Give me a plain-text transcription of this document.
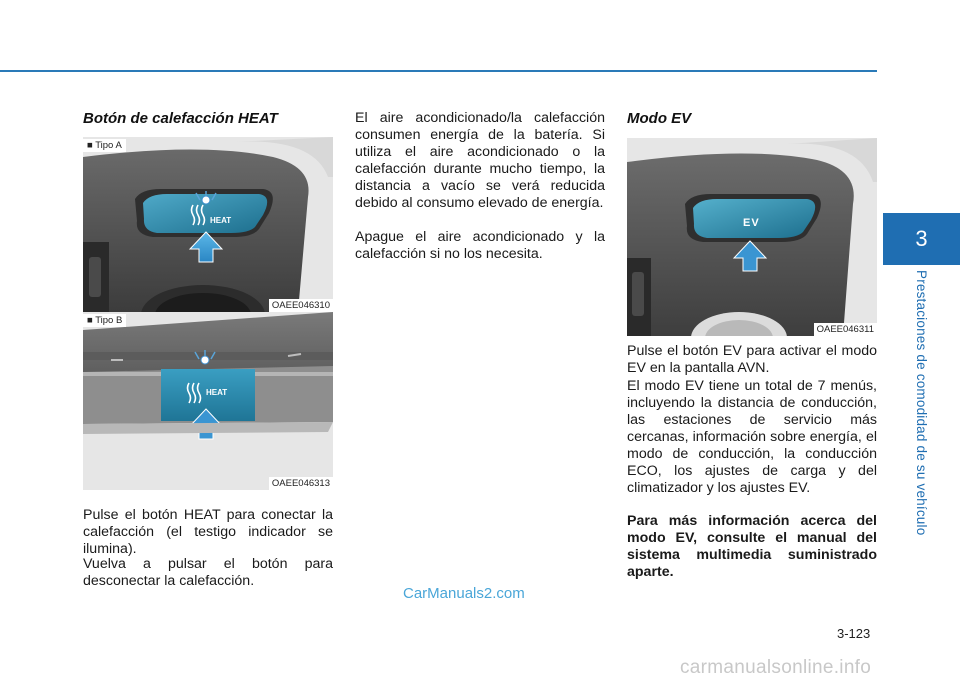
3
Prestaciones de comodidad de su vehículo
Botón de calefacción HEAT
HEAT
■ Tipo A
OAEE046310
HEAT
■ Tipo B
OAEE046313
Pulse el botón HEAT para conectar la calefacción (el testigo indicador se ilumina).
Vuelva a pulsar el botón para desconectar la calefacción.
El aire acondicionado/la calefacción consumen energía de la batería. Si utiliza el aire acondicionado o la calefacción durante mucho tiempo, la distancia a vacío se verá reducida debido al consumo elevado de energía.
Apague el aire acondicionado y la calefacción si no los necesita.
Modo EV
EV
OAEE046311
Pulse el botón EV para activar el modo EV en la pantalla AVN.
El modo EV tiene un total de 7 menús, incluyendo la distancia de conducción, las estaciones de servicio más cercanas, información sobre energía, el modo de conducción, la conducción ECO, los ajustes de carga y del climatizador y los ajustes EV.
Para más información acerca del modo EV, consulte el manual del sistema multimedia suministrado aparte.
CarManuals2.com
3-123
carmanualsonline.info
